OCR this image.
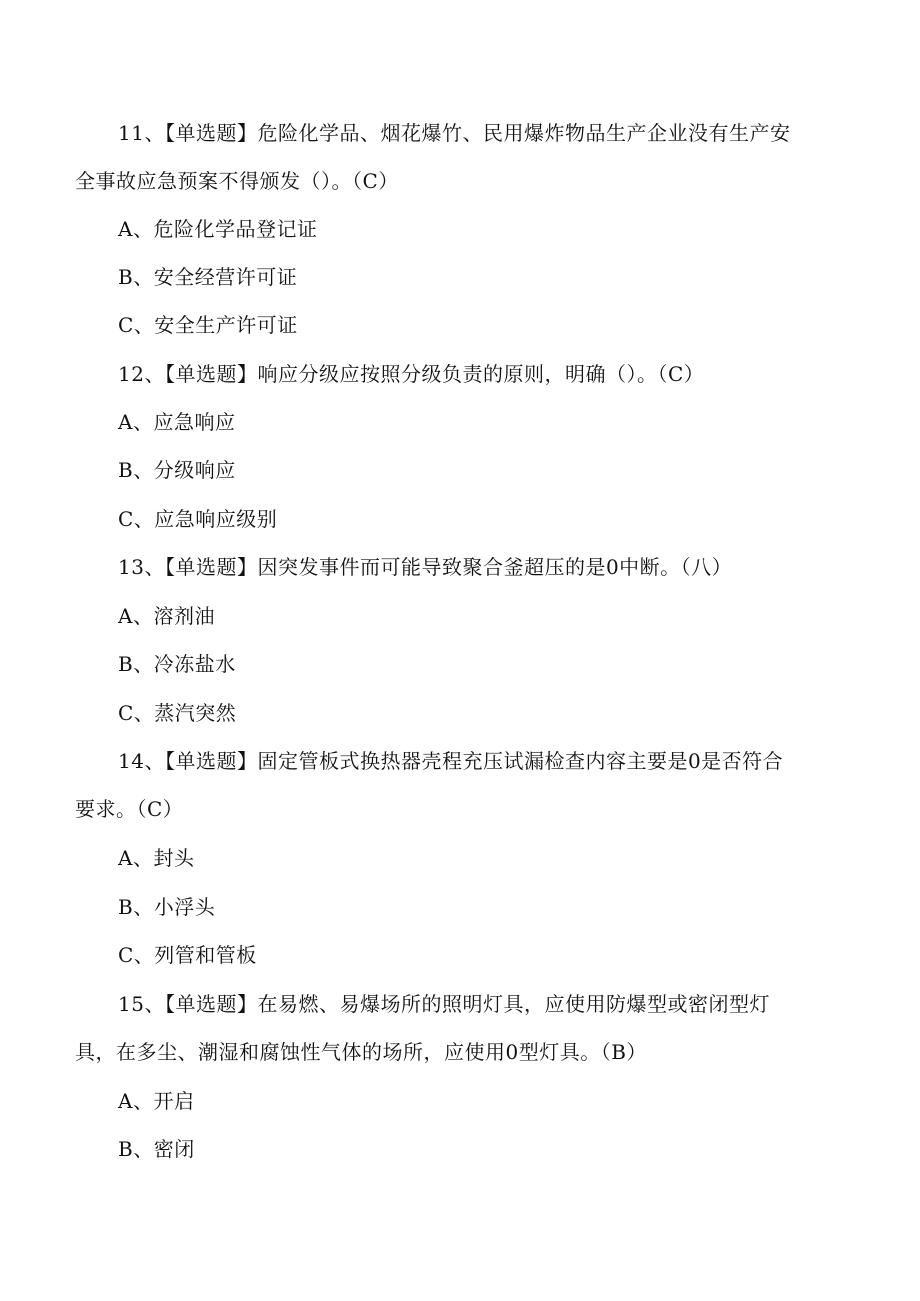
11、【单选题】危险化学品、烟花爆竹、民用爆炸物品生产企业没有生产安
全事故应急预案不得颁发（）。（C）
A、危险化学品登记证
B、安全经营许可证
C、安全生产许可证
12、【单选题】响应分级应按照分级负责的原则，明确（）。（C）
A、应急响应
B、分级响应
C、应急响应级别
13、【单选题】因突发事件而可能导致聚合釜超压的是0中断。（八）
A、溶剂油
B、冷冻盐水
C、蒸汽突然
14、【单选题】固定管板式换热器壳程充压试漏检查内容主要是0是否符合
要求。（C）
A、封头
B、小浮头
C、列管和管板
15、【单选题】在易燃、易爆场所的照明灯具，应使用防爆型或密闭型灯
具，在多尘、潮湿和腐蚀性气体的场所，应使用0型灯具。（B）
A、开启
B、密闭
